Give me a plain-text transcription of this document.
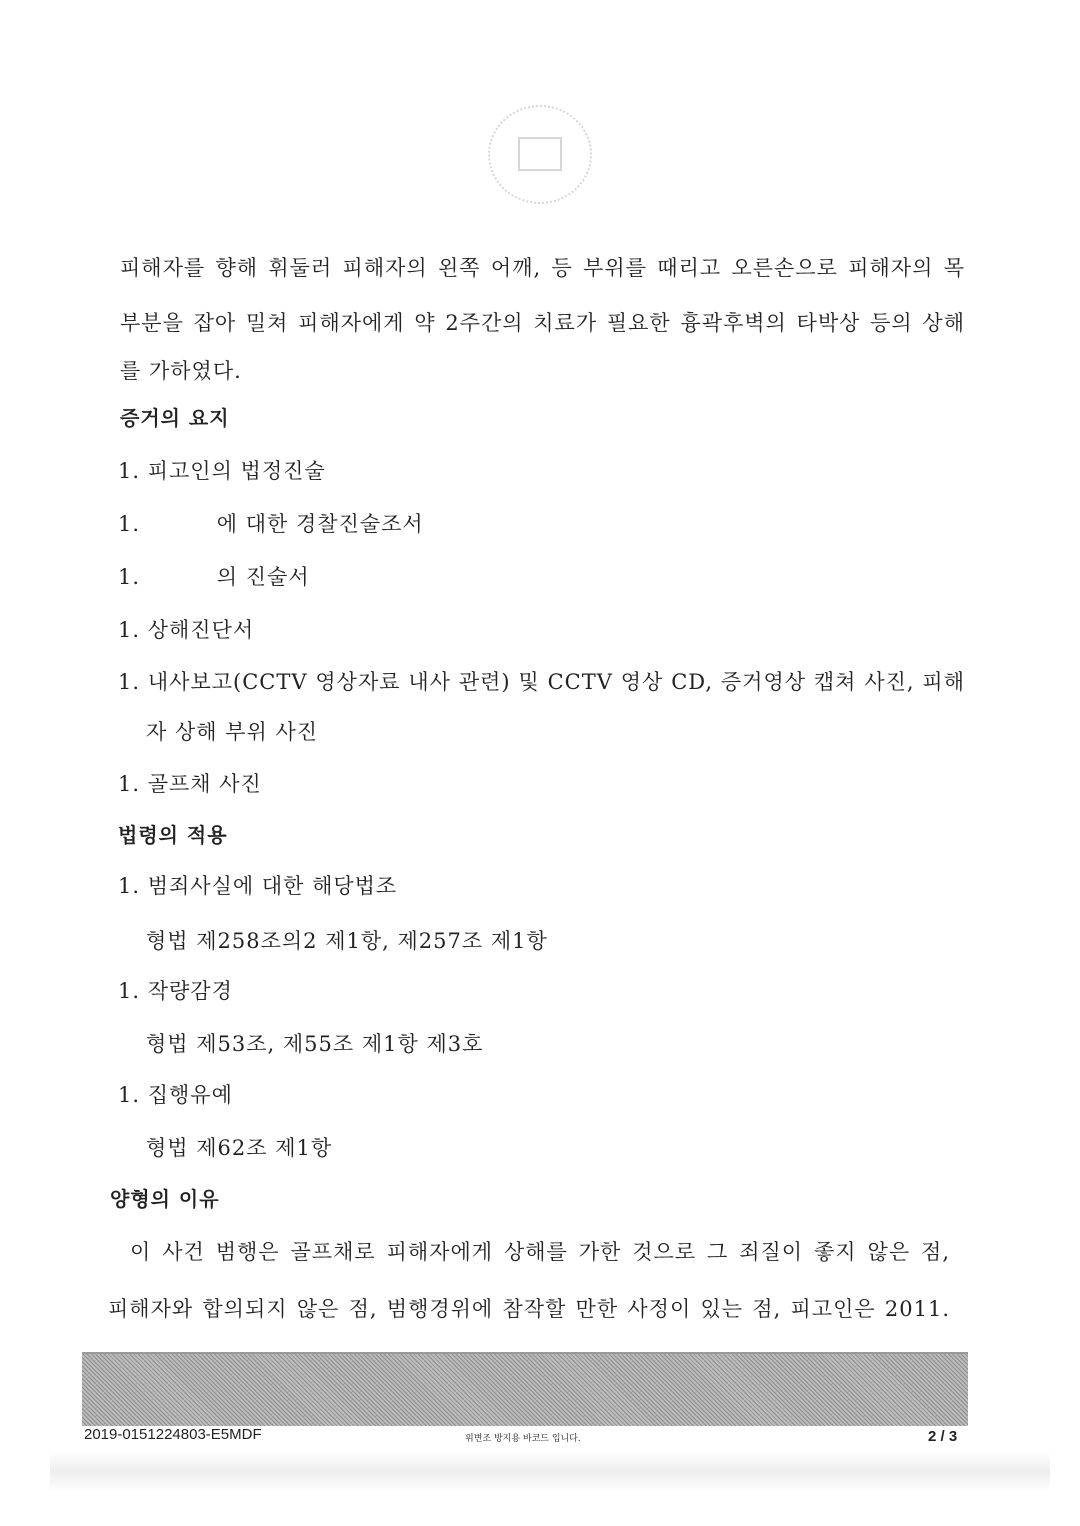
피해자를 향해 휘둘러 피해자의 왼쪽 어깨, 등 부위를 때리고 오른손으로 피해자의 목
부분을 잡아 밀쳐 피해자에게 약 2주간의 치료가 필요한 흉곽후벽의 타박상 등의 상해
를 가하였다.
증거의 요지
1. 피고인의 법정진술
1.          에 대한 경찰진술조서
1.          의 진술서
1. 상해진단서
1. 내사보고(CCTV 영상자료 내사 관련) 및 CCTV 영상 CD, 증거영상 캡쳐 사진, 피해
자 상해 부위 사진
1. 골프채 사진
법령의 적용
1. 범죄사실에 대한 해당법조
형법 제258조의2 제1항, 제257조 제1항
1. 작량감경
형법 제53조, 제55조 제1항 제3호
1. 집행유예
형법 제62조 제1항
양형의 이유
이 사건 범행은 골프채로 피해자에게 상해를 가한 것으로 그 죄질이 좋지 않은 점,
피해자와 합의되지 않은 점, 범행경위에 참작할 만한 사정이 있는 점, 피고인은 2011.
2019-0151224803-E5MDF	위변조 방지용 바코드 입니다.	2 / 3
